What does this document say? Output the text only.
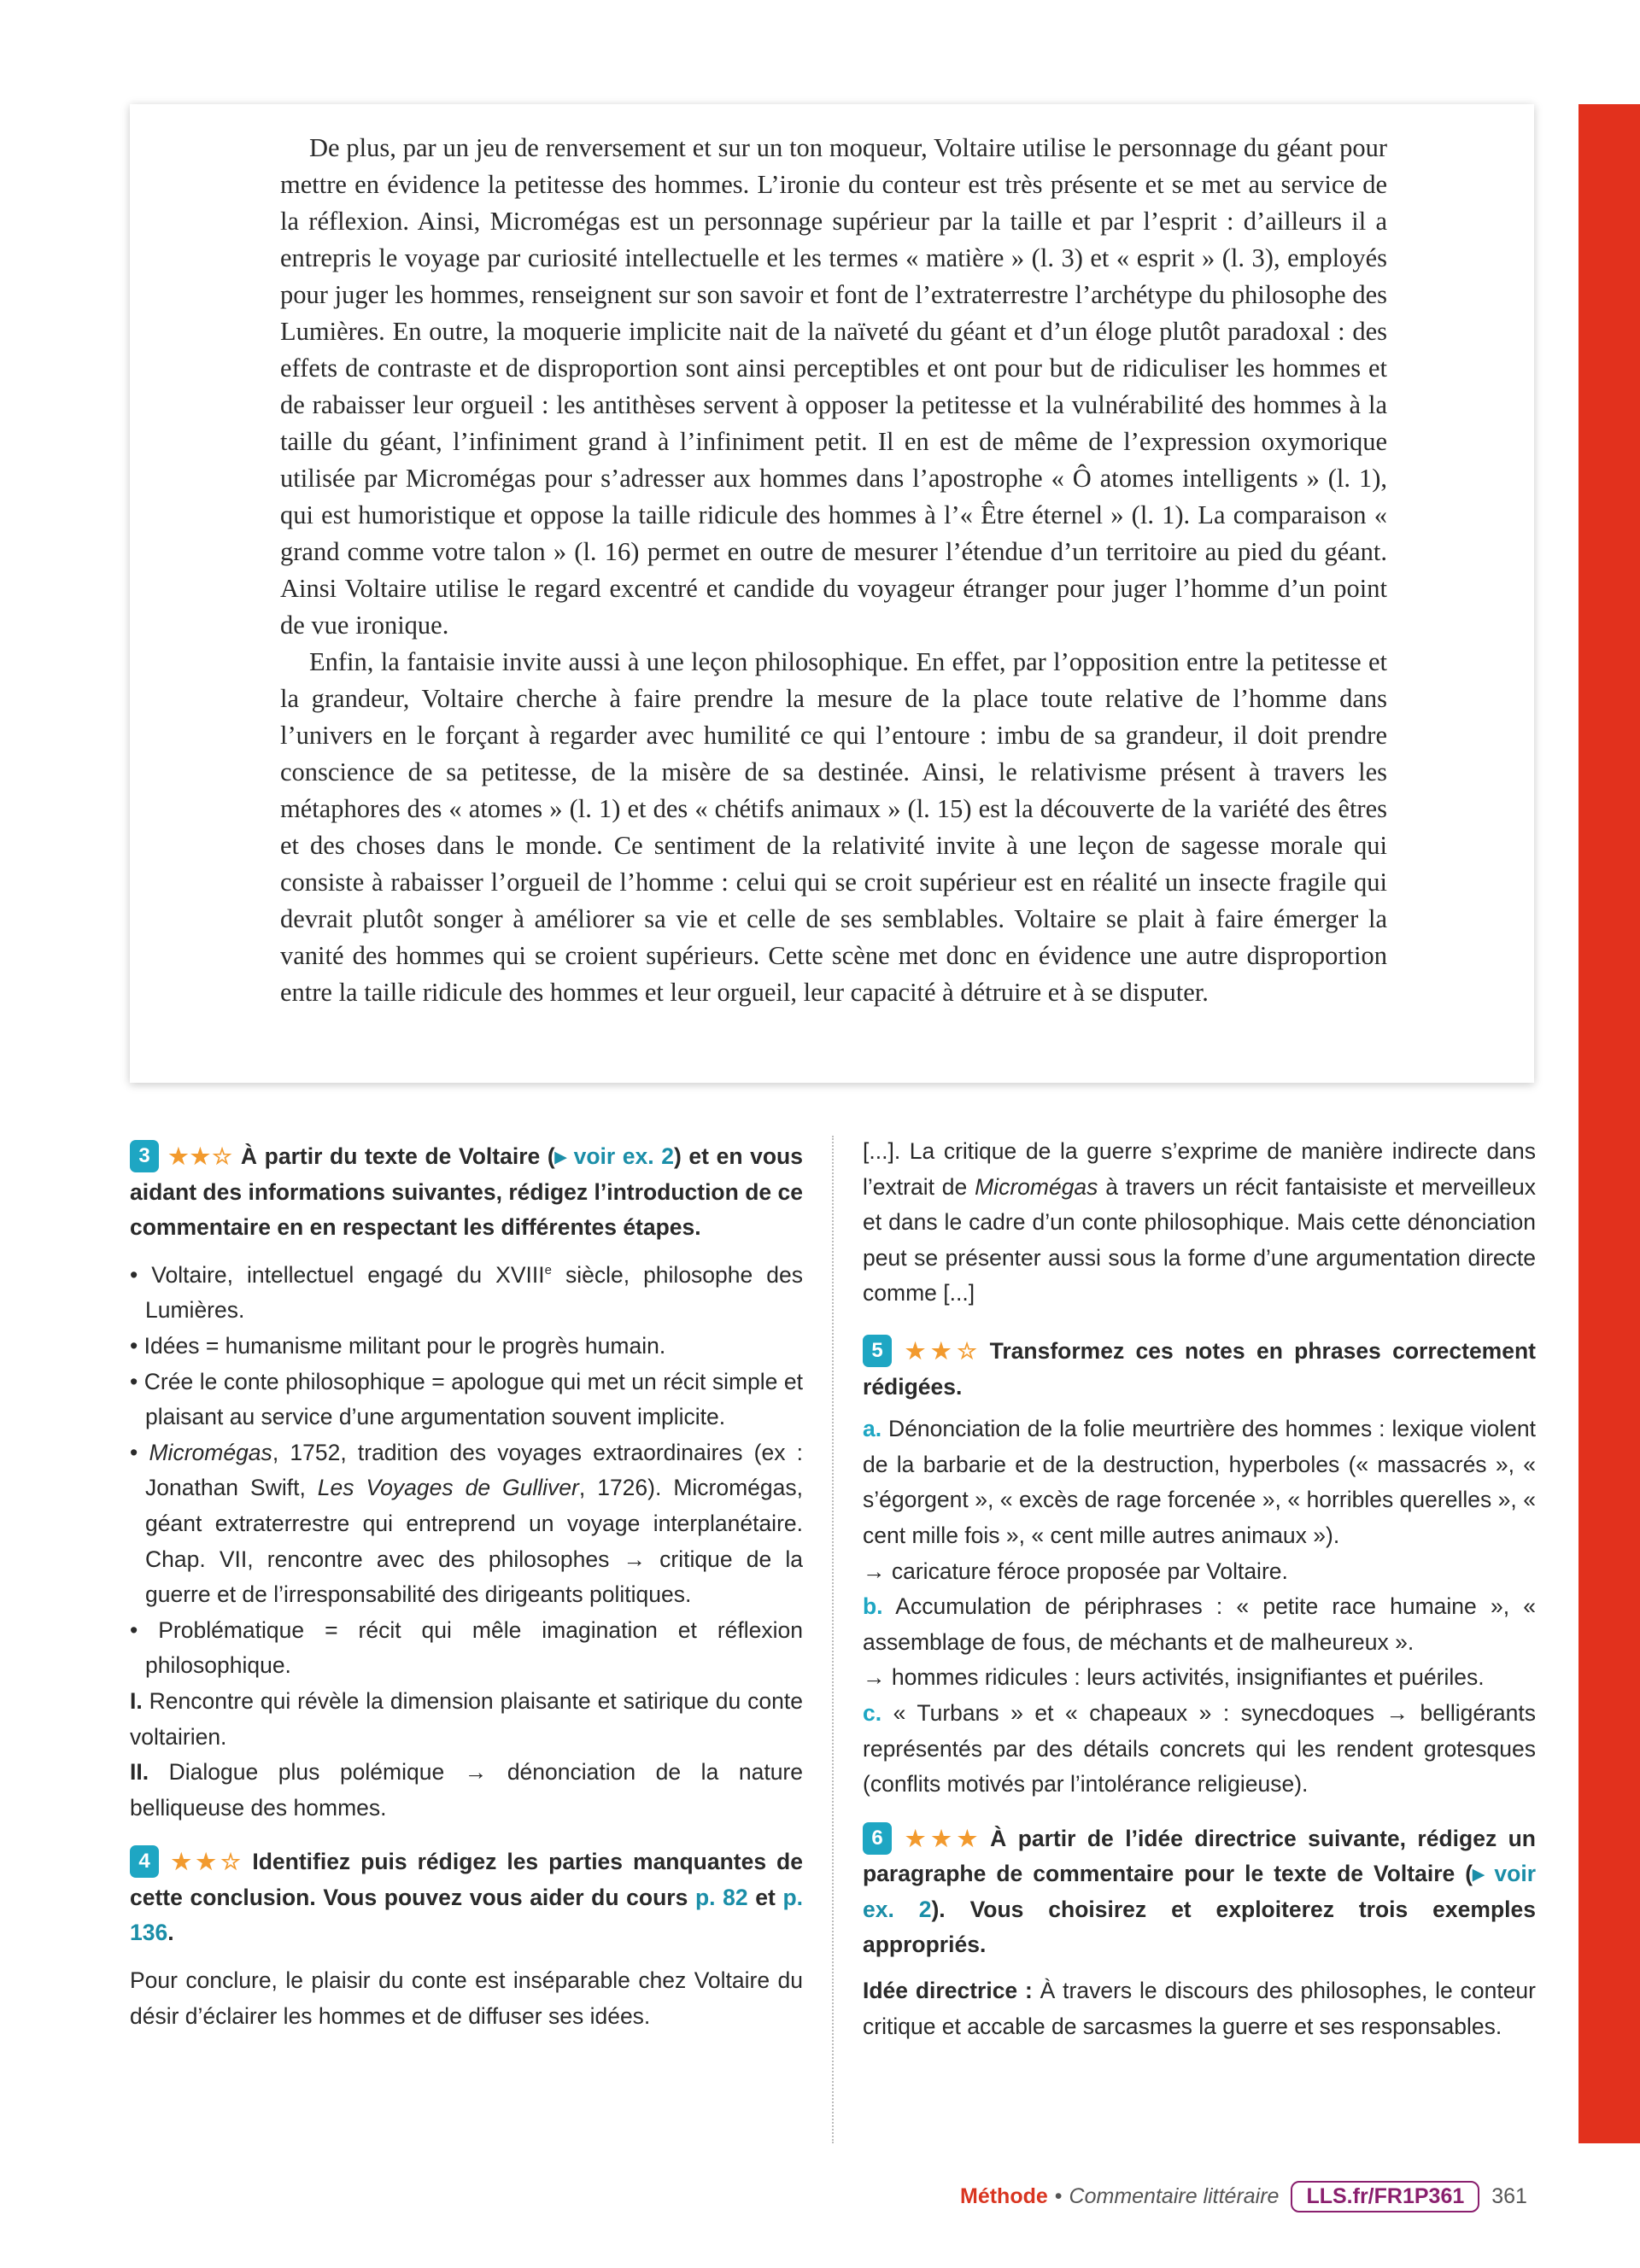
De plus, par un jeu de renversement et sur un ton moqueur, Voltaire utilise le personnage du géant pour mettre en évidence la petitesse des hommes. L’ironie du conteur est très présente et se met au service de la réflexion. Ainsi, Micromégas est un personnage supérieur par la taille et par l’esprit : d’ailleurs il a entrepris le voyage par curiosité intellectuelle et les termes « matière » (l. 3) et « esprit » (l. 3), employés pour juger les hommes, renseignent sur son savoir et font de l’extraterrestre l’archétype du philosophe des Lumières. En outre, la moquerie implicite nait de la naïveté du géant et d’un éloge plutôt paradoxal : des effets de contraste et de disproportion sont ainsi perceptibles et ont pour but de ridiculiser les hommes et de rabaisser leur orgueil : les antithèses servent à opposer la petitesse et la vulnérabilité des hommes à la taille du géant, l’infiniment grand à l’infiniment petit. Il en est de même de l’expression oxymorique utilisée par Micromégas pour s’adresser aux hommes dans l’apostrophe « Ô atomes intelligents » (l. 1), qui est humoristique et oppose la taille ridicule des hommes à l’« Être éternel » (l. 1). La comparaison « grand comme votre talon » (l. 16) permet en outre de mesurer l’étendue d’un territoire au pied du géant. Ainsi Voltaire utilise le regard excentré et candide du voyageur étranger pour juger l’homme d’un point de vue ironique.

Enfin, la fantaisie invite aussi à une leçon philosophique. En effet, par l’opposition entre la petitesse et la grandeur, Voltaire cherche à faire prendre la mesure de la place toute relative de l’homme dans l’univers en le forçant à regarder avec humilité ce qui l’entoure : imbu de sa grandeur, il doit prendre conscience de sa petitesse, de la misère de sa destinée. Ainsi, le relativisme présent à travers les métaphores des « atomes » (l. 1) et des « chétifs animaux » (l. 15) est la découverte de la variété des êtres et des choses dans le monde. Ce sentiment de la relativité invite à une leçon de sagesse morale qui consiste à rabaisser l’orgueil de l’homme : celui qui se croit supérieur est en réalité un insecte fragile qui devrait plutôt songer à améliorer sa vie et celle de ses semblables. Voltaire se plait à faire émerger la vanité des hommes qui se croient supérieurs. Cette scène met donc en évidence une autre disproportion entre la taille ridicule des hommes et leur orgueil, leur capacité à détruire et à se disputer.

3 ★★☆ À partir du texte de Voltaire (▸ voir ex. 2) et en vous aidant des informations suivantes, rédigez l’introduction de ce commentaire en en respectant les différentes étapes.

• Voltaire, intellectuel engagé du XVIIIe siècle, philosophe des Lumières.
• Idées = humanisme militant pour le progrès humain.
• Crée le conte philosophique = apologue qui met un récit simple et plaisant au service d’une argumentation souvent implicite.
• Micromégas, 1752, tradition des voyages extraordinaires (ex : Jonathan Swift, Les Voyages de Gulliver, 1726). Micromégas, géant extraterrestre qui entreprend un voyage interplanétaire. Chap. VII, rencontre avec des philosophes → critique de la guerre et de l’irresponsabilité des dirigeants politiques.
• Problématique = récit qui mêle imagination et réflexion philosophique.

I. Rencontre qui révèle la dimension plaisante et satirique du conte voltairien.

II. Dialogue plus polémique → dénonciation de la nature belliqueuse des hommes.

4 ★★☆ Identifiez puis rédigez les parties manquantes de cette conclusion. Vous pouvez vous aider du cours p. 82 et p. 136.

Pour conclure, le plaisir du conte est inséparable chez Voltaire du désir d’éclairer les hommes et de diffuser ses idées.

[...]. La critique de la guerre s’exprime de manière indirecte dans l’extrait de Micromégas à travers un récit fantaisiste et merveilleux et dans le cadre d’un conte philosophique. Mais cette dénonciation peut se présenter aussi sous la forme d’une argumentation directe comme [...]

5 ★★☆ Transformez ces notes en phrases correctement rédigées.

a. Dénonciation de la folie meurtrière des hommes : lexique violent de la barbarie et de la destruction, hyperboles (« massacrés », « s’égorgent », « excès de rage forcenée », « horribles querelles », « cent mille fois », « cent mille autres animaux »).

→ caricature féroce proposée par Voltaire.

b. Accumulation de périphrases : « petite race humaine », « assemblage de fous, de méchants et de malheureux ».

→ hommes ridicules : leurs activités, insignifiantes et puériles.

c. « Turbans » et « chapeaux » : synecdoques → belligérants représentés par des détails concrets qui les rendent grotesques (conflits motivés par l’intolérance religieuse).

6 ★★★ À partir de l’idée directrice suivante, rédigez un paragraphe de commentaire pour le texte de Voltaire (▸ voir ex. 2). Vous choisirez et exploiterez trois exemples appropriés.

Idée directrice : À travers le discours des philosophes, le conteur critique et accable de sarcasmes la guerre et ses responsables.

Méthode • Commentaire littéraire	LLS.fr/FR1P361	361
